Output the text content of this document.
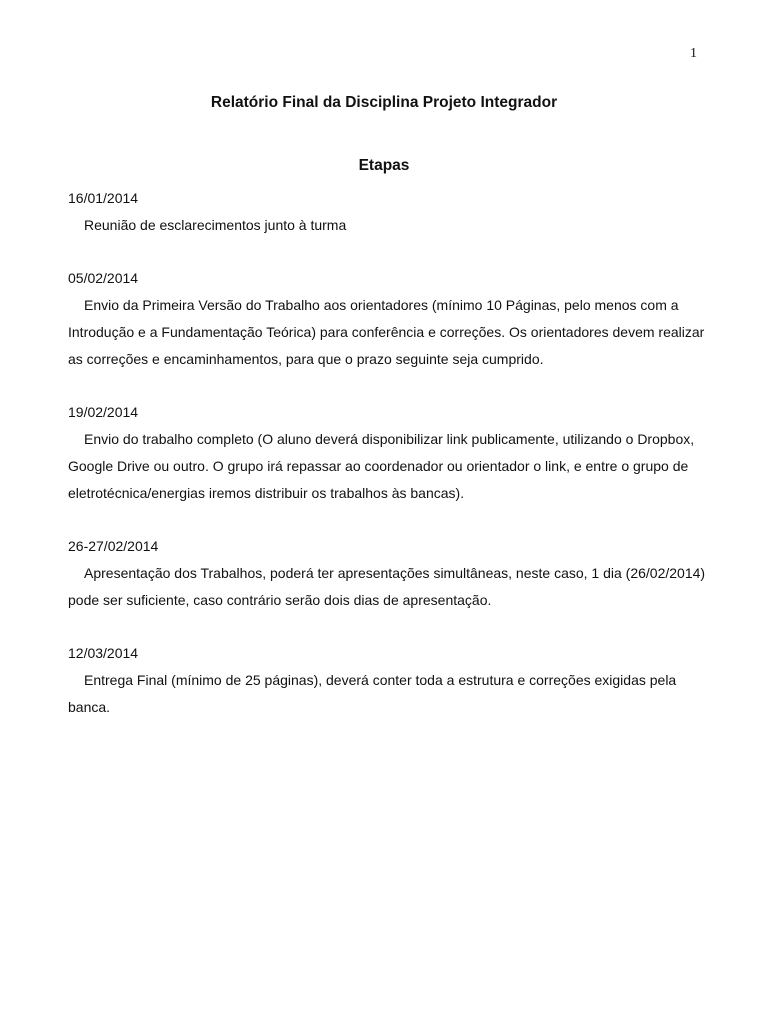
1
Relatório Final da Disciplina Projeto Integrador
Etapas
16/01/2014
Reunião de esclarecimentos junto à turma
05/02/2014
Envio da Primeira Versão do Trabalho aos orientadores (mínimo 10 Páginas, pelo menos com a Introdução e a Fundamentação Teórica) para conferência e correções. Os orientadores devem realizar as correções e encaminhamentos, para que o prazo seguinte seja cumprido.
19/02/2014
Envio do trabalho completo (O aluno deverá disponibilizar link publicamente, utilizando o Dropbox, Google Drive ou outro. O grupo irá repassar ao coordenador ou orientador o link, e entre o grupo de eletrotécnica/energias iremos distribuir os trabalhos às bancas).
26-27/02/2014
Apresentação dos Trabalhos, poderá ter apresentações simultâneas, neste caso, 1 dia (26/02/2014) pode ser suficiente, caso contrário serão dois dias de apresentação.
12/03/2014
Entrega Final (mínimo de 25 páginas), deverá conter toda a estrutura e correções exigidas pela banca.
